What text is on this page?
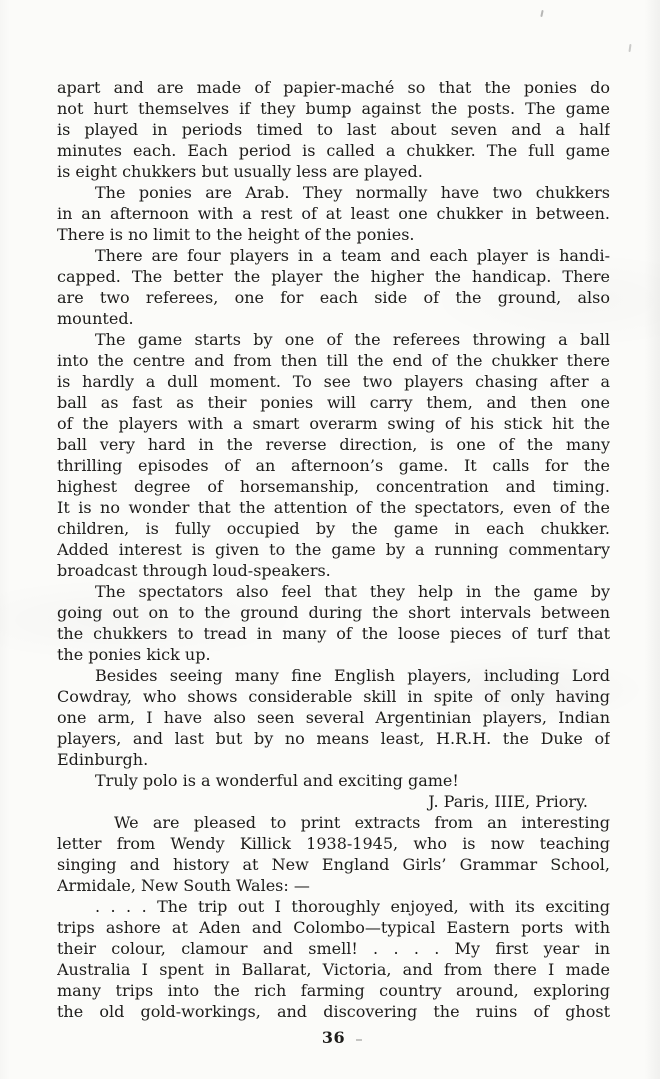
apart and are made of papier-maché so that the ponies do
not hurt themselves if they bump against the posts. The game
is played in periods timed to last about seven and a half
minutes each. Each period is called a chukker. The full game
is eight chukkers but usually less are played.
The ponies are Arab. They normally have two chukkers
in an afternoon with a rest of at least one chukker in between.
There is no limit to the height of the ponies.
There are four players in a team and each player is handi-
capped. The better the player the higher the handicap. There
are two referees, one for each side of the ground, also
mounted.
The game starts by one of the referees throwing a ball
into the centre and from then till the end of the chukker there
is hardly a dull moment. To see two players chasing after a
ball as fast as their ponies will carry them, and then one
of the players with a smart overarm swing of his stick hit the
ball very hard in the reverse direction, is one of the many
thrilling episodes of an afternoon’s game. It calls for the
highest degree of horsemanship, concentration and timing.
It is no wonder that the attention of the spectators, even of the
children, is fully occupied by the game in each chukker.
Added interest is given to the game by a running commentary
broadcast through loud-speakers.
The spectators also feel that they help in the game by
going out on to the ground during the short intervals between
the chukkers to tread in many of the loose pieces of turf that
the ponies kick up.
Besides seeing many fine English players, including Lord
Cowdray, who shows considerable skill in spite of only having
one arm, I have also seen several Argentinian players, Indian
players, and last but by no means least, H.R.H. the Duke of
Edinburgh.
Truly polo is a wonderful and exciting game!
J. Paris, IIIE, Priory.
We are pleased to print extracts from an interesting
letter from Wendy Killick 1938-1945, who is now teaching
singing and history at New England Girls’ Grammar School,
Armidale, New South Wales: —
. . . . The trip out I thoroughly enjoyed, with its exciting
trips ashore at Aden and Colombo—typical Eastern ports with
their colour, clamour and smell! . . . . My first year in
Australia I spent in Ballarat, Victoria, and from there I made
many trips into the rich farming country around, exploring
the old gold-workings, and discovering the ruins of ghost
36
